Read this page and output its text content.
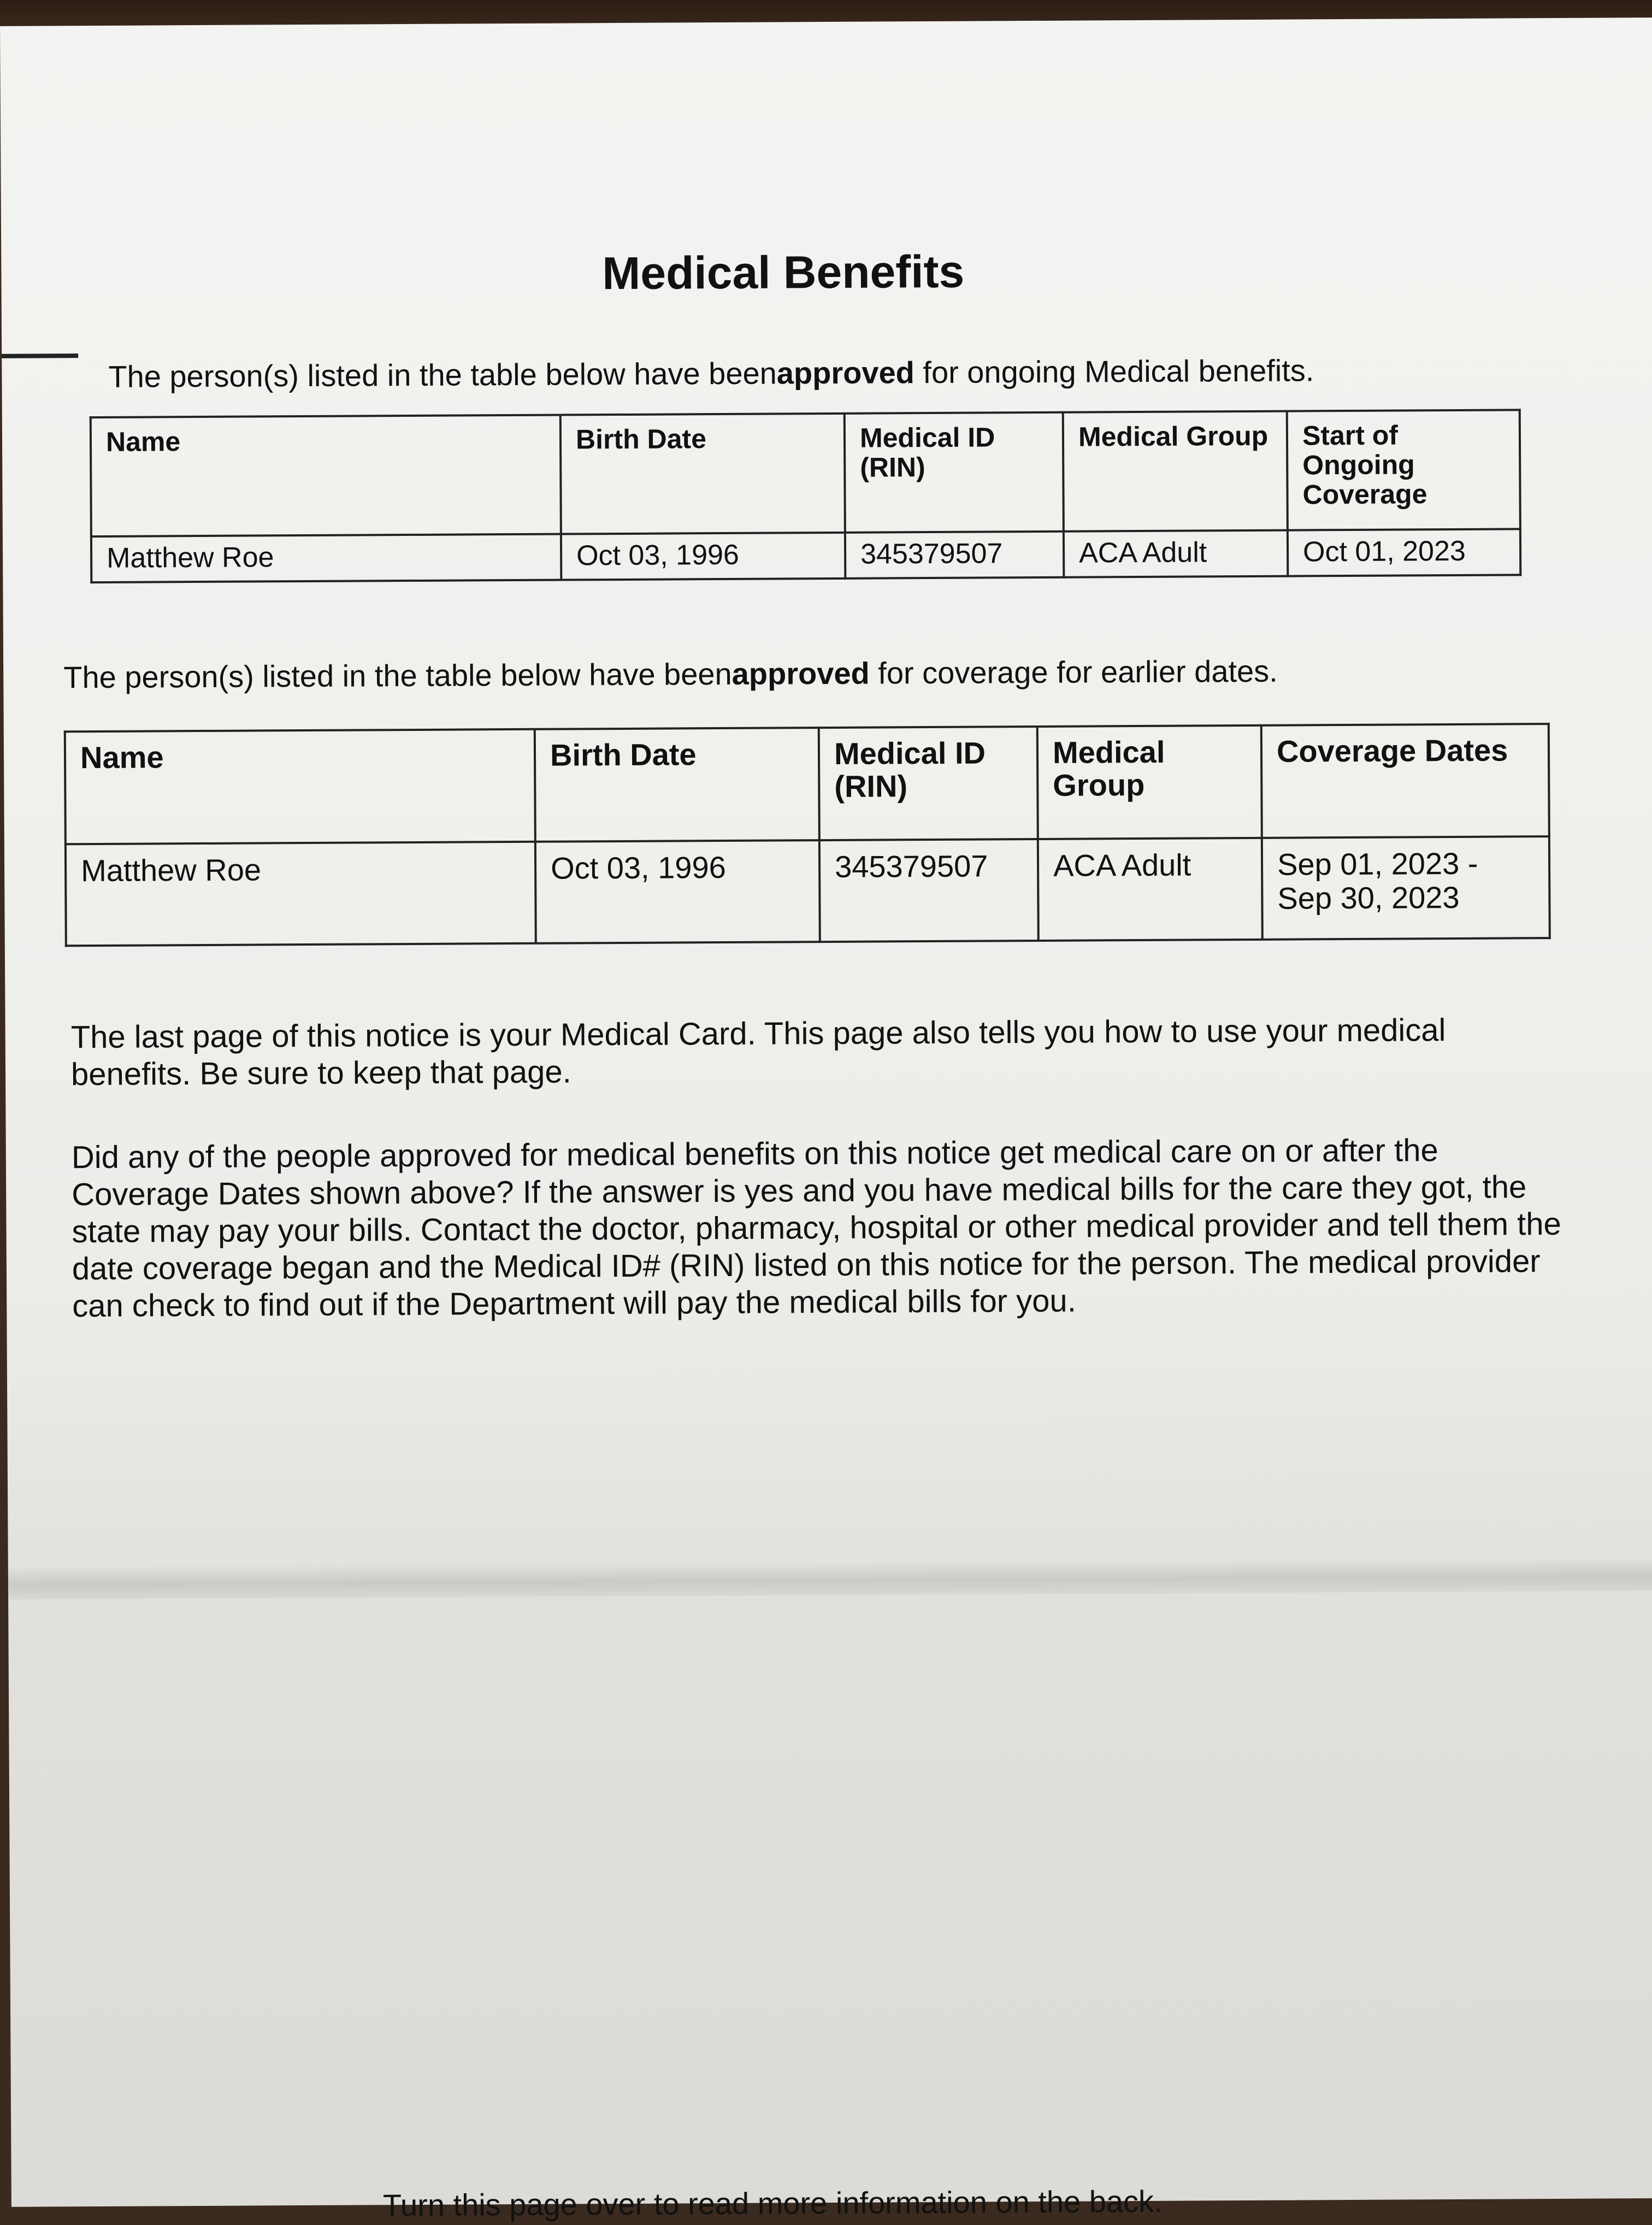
Medical Benefits
The person(s) listed in the table below have beenapproved for ongoing Medical benefits.
Name	Birth Date	Medical ID (RIN)	Medical Group	Start of Ongoing Coverage
Matthew Roe	Oct 03, 1996	345379507	ACA Adult	Oct 01, 2023
The person(s) listed in the table below have beenapproved for coverage for earlier dates.
Name	Birth Date	Medical ID (RIN)	Medical Group	Coverage Dates
Matthew Roe	Oct 03, 1996	345379507	ACA Adult	Sep 01, 2023 - Sep 30, 2023

The last page of this notice is your Medical Card. This page also tells you how to use your medical benefits. Be sure to keep that page.

Did any of the people approved for medical benefits on this notice get medical care on or after the Coverage Dates shown above? If the answer is yes and you have medical bills for the care they got, the state may pay your bills. Contact the doctor, pharmacy, hospital or other medical provider and tell them the date coverage began and the Medical ID# (RIN) listed on this notice for the person. The medical provider can check to find out if the Department will pay the medical bills for you.

Turn this page over to read more information on the back.
